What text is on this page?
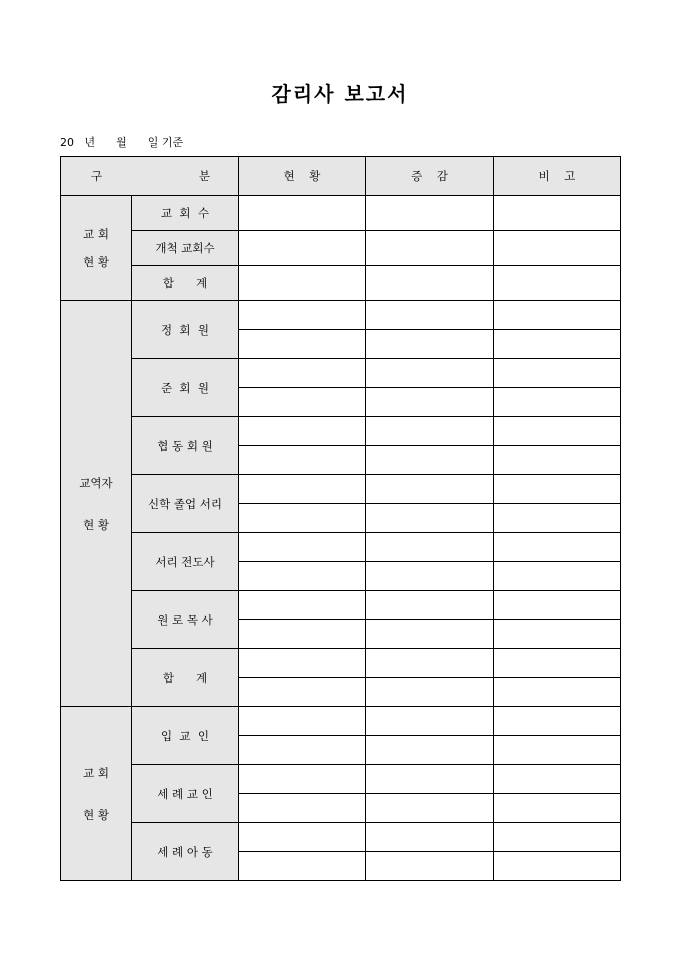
감리사 보고서
20   년      월      일 기준
구 분		현    황	증    감	비    고

교 회
현 황	교  회  수			
	개척 교회수			
	합      계			

교역자
현 황	정  회  원			

	준  회  원			

	협 동 회 원			

	신학 졸업 서리			

	서리 전도사			

	원 로 목 사			

	합      계			

교 회
현 황	입  교  인			

	세 례 교 인			

	세 례 아 동			
